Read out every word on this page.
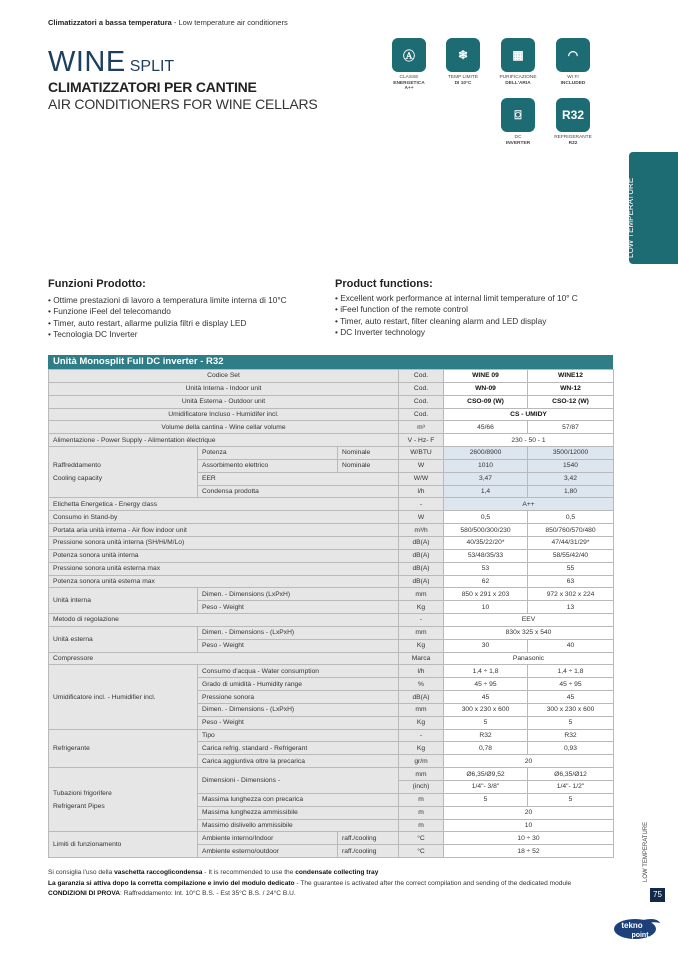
Climatizzatori a bassa temperatura - Low temperature air conditioners
WINE SPLIT
CLIMATIZZATORI PER CANTINE
AIR CONDITIONERS FOR WINE CELLARS
BASSA TEMPERATURA LOW TEMPERATURE
Funzioni Prodotto:
• Ottime prestazioni di lavoro a temperatura limite interna di 10°C
• Funzione iFeel del telecomando
• Timer, auto restart, allarme pulizia filtri e display LED
• Tecnologia DC Inverter
Product functions:
• Excellent work performance at internal limit temperature of 10° C
• iFeel function of the remote control
• Timer, auto restart, filter cleaning alarm and LED display
• DC Inverter technology
Unità Monosplit Full DC inverter - R32
Codice Set			Cod.	WINE 09	WINE12
Unità Interna - Indoor unit			Cod.	WN-09	WN-12
Unità Esterna - Outdoor unit			Cod.	CSO-09 (W)	CSO-12 (W)
Umidificatore Incluso - Humidifer incl.			Cod.	CS - UMIDY	
Volume della cantina - Wine cellar volume			m³	45/66	57/87
Alimentazione - Power Supply - Alimentation électrique			V - Hz- F	230 - 50 - 1	
Raffreddamento
Cooling capacity	Potenza	Nominale	W/BTU	2600/8900	3500/12000
	Assorbimento elettrico	Nominale	W	1010	1540
	EER		W/W	3,47	3,42
	Condensa prodotta		l/h	1,4	1,80
Etichetta Energetica - Energy class			-	A++	
Consumo in Stand-by			W	0,5	0,5
Portata aria unità interna - Air flow indoor unit			m³/h	580/500/300/230	850/760/570/480
Pressione sonora unità interna (SH/Hi/M/Lo)			dB(A)	40/35/22/20*	47/44/31/29*
Potenza sonora unità interna			dB(A)	53/48/35/33	58/55/42/40
Pressione sonora unità esterna max			dB(A)	53	55
Potenza sonora unità esterna max			dB(A)	62	63
Unità interna	Dimen. - Dimensions (LxPxH)		mm	850 x 291 x 203	972 x 302 x 224
	Peso - Weight		Kg	10	13
Metodo di regolazione			-	EEV	
Unità esterna	Dimen. - Dimensions - (LxPxH)		mm	830x 325 x 540	
	Peso - Weight		Kg	30	40
Compressore			Marca	Panasonic	
Umidificatore incl. - Humidifier incl.	Consumo d'acqua - Water consumption		l/h	1,4 ÷ 1,8	1,4 ÷ 1,8
	Grado di umidità - Humidity range		%	45 ÷ 95	45 ÷ 95
	Pressione sonora		dB(A)	45	45
	Dimen. - Dimensions - (LxPxH)		mm	300 x 230 x 600	300 x 230 x 600
	Peso - Weight		Kg	5	5
Refrigerante	Tipo		-	R32	R32
	Carica refrig. standard - Refrigerant		Kg	0,78	0,93
	Carica aggiuntiva oltre la precarica		gr/m	20	
Tubazioni frigorifere
Refrigerant Pipes	Dimensioni - Dimensions -		mm	Ø6,35/Ø9,52	Ø6,35/Ø12
			(inch)	1/4"- 3/8"	1/4"- 1/2"
	Massima lunghezza con precarica		m	5	5
	Massima lunghezza ammissibile		m	20	
	Massimo dislivello ammissibile		m	10	
Limiti di funzionamento	Ambiente interno/Indoor	raff./cooling	°C	10 ÷ 30	
	Ambiente esterno/outdoor	raff./cooling	°C	18 ÷ 52	
Si consiglia l'uso della vaschetta raccoglicondensa - It is recommended to use the condensate collecting tray
La garanzia si attiva dopo la corretta compilazione e invio del modulo dedicato - The guarantee is activated after the correct compilation and sending of the dedicated module
CONDIZIONI DI PROVA: Raffreddamento: Int. 10°C B.S. - Est 35°C B.S. / 24°C B.U.
LOW TEMPERATURE
75
tekno
point
Ⓐ
CLASSE
ENERGETICA A++
❄
TEMP LIMITE
DI 10°C
▦
PURIFICAZIONE
DELL'ARIA
◠
WI FI
INCLUDED
⌼
DC
INVERTER
R32
REFRIGERANTE
R32
